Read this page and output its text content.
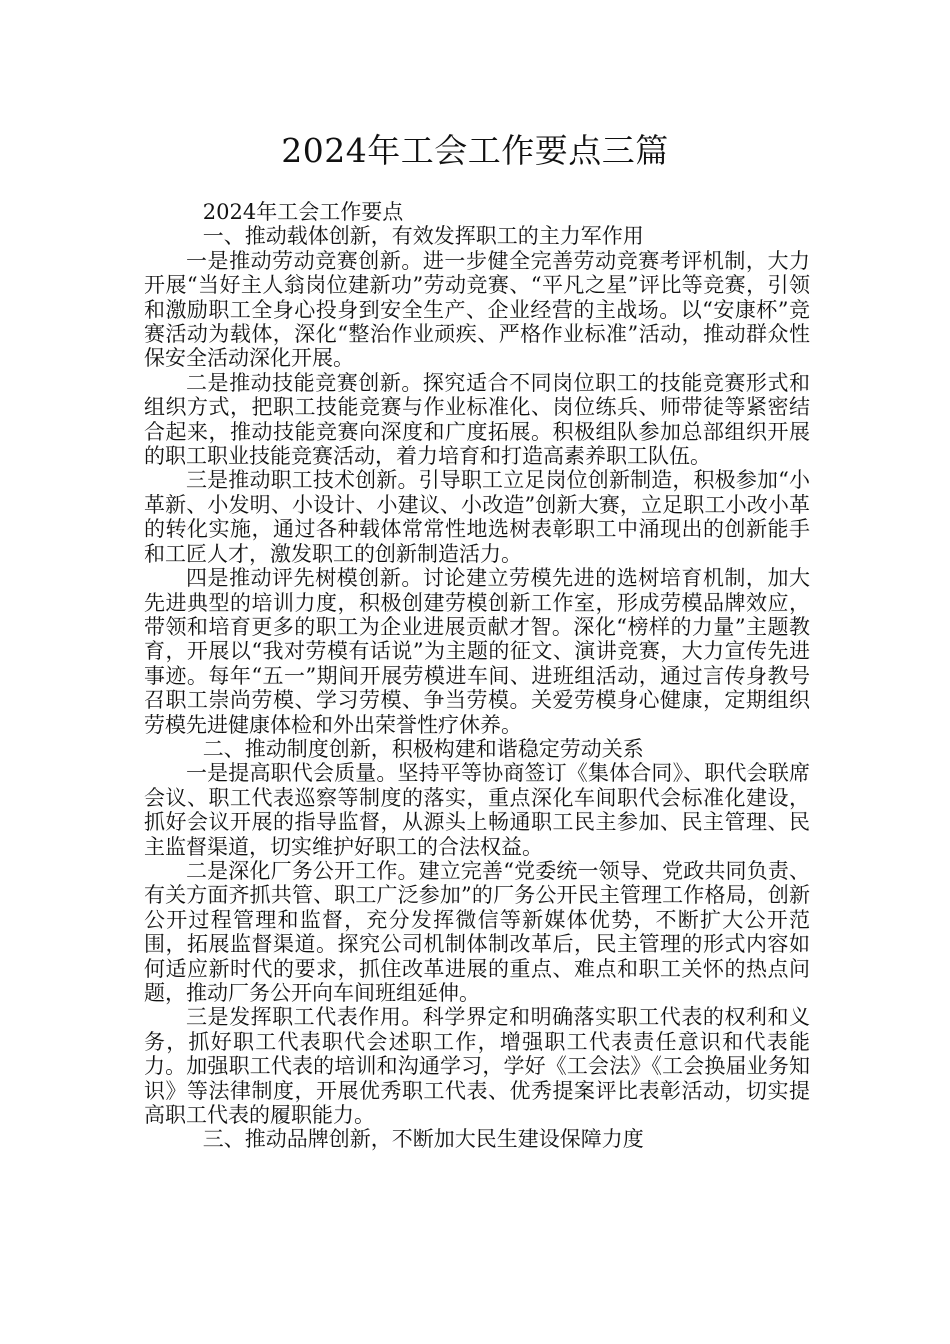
2024年工会工作要点三篇

2024年工会工作要点

一、推动载体创新，有效发挥职工的主力军作用

一是推动劳动竞赛创新。进一步健全完善劳动竞赛考评机制，大力开展“当好主人翁岗位建新功”劳动竞赛、“平凡之星”评比等竞赛，引领和激励职工全身心投身到安全生产、企业经营的主战场。以“安康杯”竞赛活动为载体，深化“整治作业顽疾、严格作业标准”活动，推动群众性保安全活动深化开展。

二是推动技能竞赛创新。探究适合不同岗位职工的技能竞赛形式和组织方式，把职工技能竞赛与作业标准化、岗位练兵、师带徒等紧密结合起来，推动技能竞赛向深度和广度拓展。积极组队参加总部组织开展的职工职业技能竞赛活动，着力培育和打造高素养职工队伍。

三是推动职工技术创新。引导职工立足岗位创新制造，积极参加“小革新、小发明、小设计、小建议、小改造”创新大赛，立足职工小改小革的转化实施，通过各种载体常常性地选树表彰职工中涌现出的创新能手和工匠人才，激发职工的创新制造活力。

四是推动评先树模创新。讨论建立劳模先进的选树培育机制，加大先进典型的培训力度，积极创建劳模创新工作室，形成劳模品牌效应，带领和培育更多的职工为企业进展贡献才智。深化“榜样的力量”主题教育，开展以“我对劳模有话说”为主题的征文、演讲竞赛，大力宣传先进事迹。每年“五一”期间开展劳模进车间、进班组活动，通过言传身教号召职工崇尚劳模、学习劳模、争当劳模。关爱劳模身心健康，定期组织劳模先进健康体检和外出荣誉性疗休养。

二、推动制度创新，积极构建和谐稳定劳动关系

一是提高职代会质量。坚持平等协商签订《集体合同》、职代会联席会议、职工代表巡察等制度的落实，重点深化车间职代会标准化建设，抓好会议开展的指导监督，从源头上畅通职工民主参加、民主管理、民主监督渠道，切实维护好职工的合法权益。

二是深化厂务公开工作。建立完善“党委统一领导、党政共同负责、有关方面齐抓共管、职工广泛参加”的厂务公开民主管理工作格局，创新公开过程管理和监督，充分发挥微信等新媒体优势，不断扩大公开范围，拓展监督渠道。探究公司机制体制改革后，民主管理的形式内容如何适应新时代的要求，抓住改革进展的重点、难点和职工关怀的热点问题，推动厂务公开向车间班组延伸。

三是发挥职工代表作用。科学界定和明确落实职工代表的权利和义务，抓好职工代表职代会述职工作，增强职工代表责任意识和代表能力。加强职工代表的培训和沟通学习，学好《工会法》《工会换届业务知识》等法律制度，开展优秀职工代表、优秀提案评比表彰活动，切实提高职工代表的履职能力。

三、推动品牌创新，不断加大民生建设保障力度
